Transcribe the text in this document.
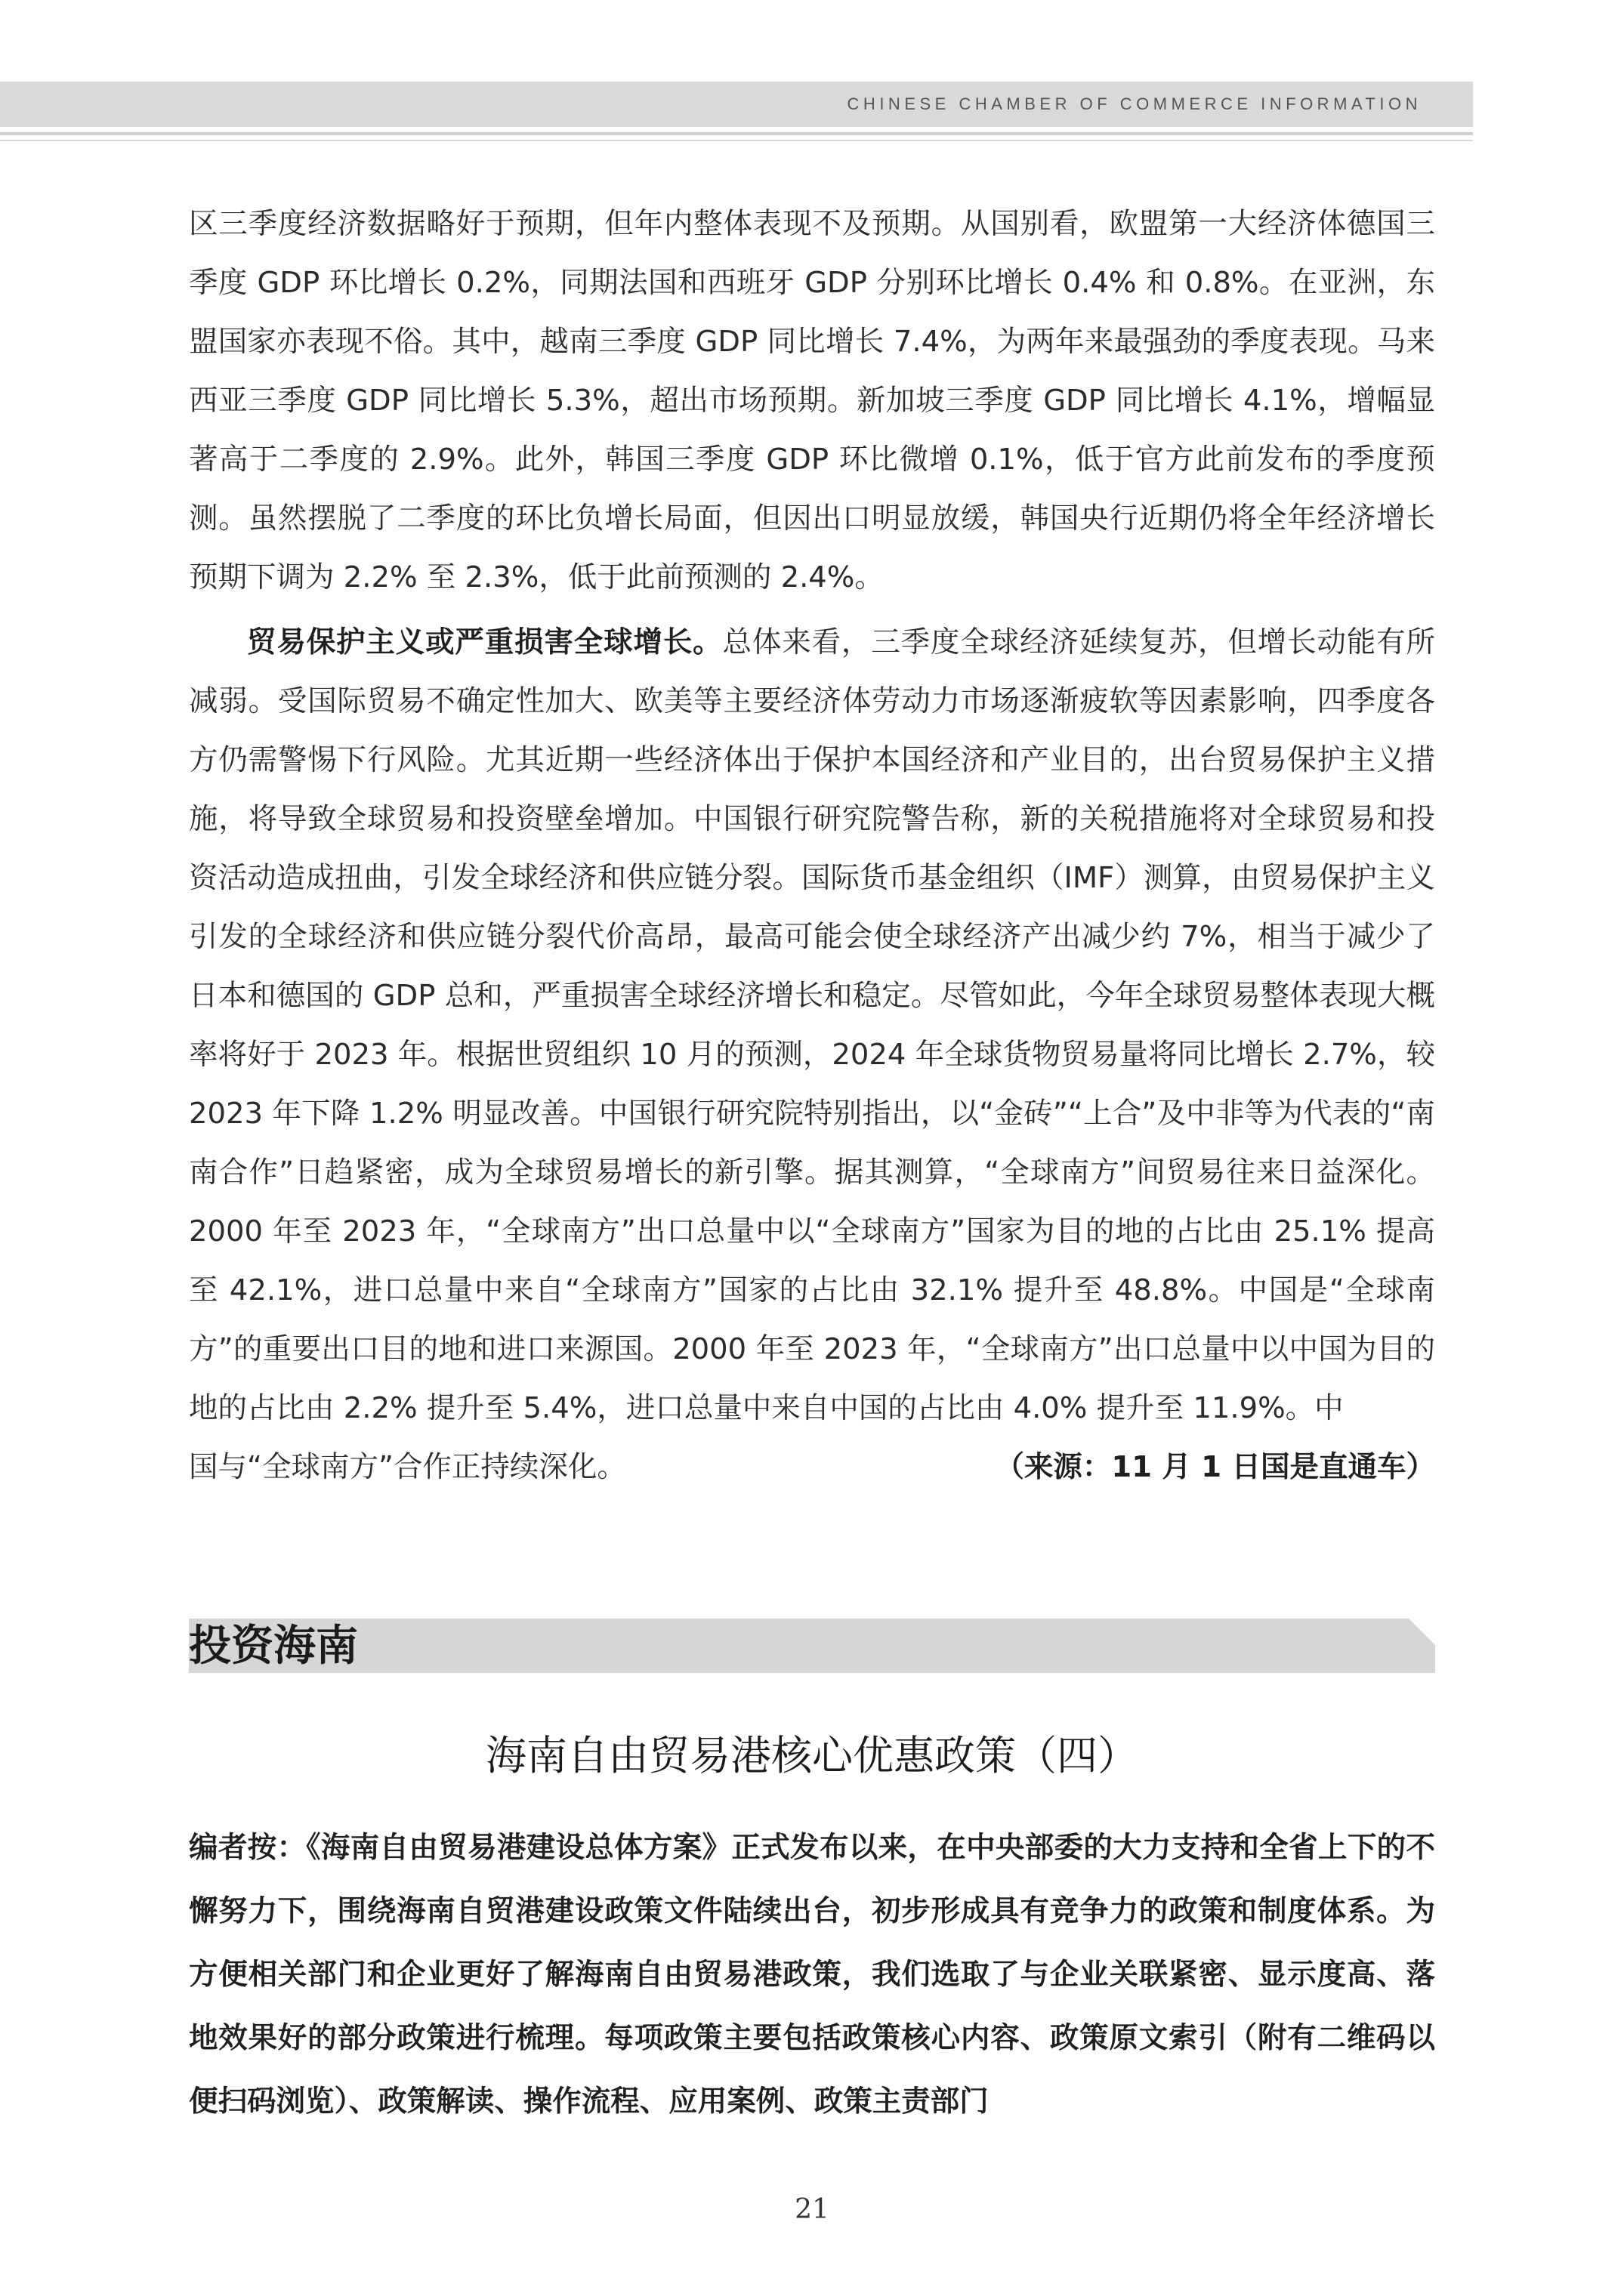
CHINESE CHAMBER OF COMMERCE INFORMATION

区三季度经济数据略好于预期，但年内整体表现不及预期。从国别看，欧盟第一大经济体德国三季度 GDP 环比增长 0.2%，同期法国和西班牙 GDP 分别环比增长 0.4% 和 0.8%。在亚洲，东盟国家亦表现不俗。其中，越南三季度 GDP 同比增长 7.4%，为两年来最强劲的季度表现。马来西亚三季度 GDP 同比增长 5.3%，超出市场预期。新加坡三季度 GDP 同比增长 4.1%，增幅显著高于二季度的 2.9%。此外，韩国三季度 GDP 环比微增 0.1%，低于官方此前发布的季度预测。虽然摆脱了二季度的环比负增长局面，但因出口明显放缓，韩国央行近期仍将全年经济增长预期下调为 2.2% 至 2.3%，低于此前预测的 2.4%。

贸易保护主义或严重损害全球增长。总体来看，三季度全球经济延续复苏，但增长动能有所减弱。受国际贸易不确定性加大、欧美等主要经济体劳动力市场逐渐疲软等因素影响，四季度各方仍需警惕下行风险。尤其近期一些经济体出于保护本国经济和产业目的，出台贸易保护主义措施，将导致全球贸易和投资壁垒增加。中国银行研究院警告称，新的关税措施将对全球贸易和投资活动造成扭曲，引发全球经济和供应链分裂。国际货币基金组织（IMF）测算，由贸易保护主义引发的全球经济和供应链分裂代价高昂，最高可能会使全球经济产出减少约 7%，相当于减少了日本和德国的 GDP 总和，严重损害全球经济增长和稳定。尽管如此，今年全球贸易整体表现大概率将好于 2023 年。根据世贸组织 10 月的预测，2024 年全球货物贸易量将同比增长 2.7%，较 2023 年下降 1.2% 明显改善。中国银行研究院特别指出，以“金砖”“上合”及中非等为代表的“南南合作”日趋紧密，成为全球贸易增长的新引擎。据其测算，“全球南方”间贸易往来日益深化。2000 年至 2023 年，“全球南方”出口总量中以“全球南方”国家为目的地的占比由 25.1% 提高至 42.1%，进口总量中来自“全球南方”国家的占比由 32.1% 提升至 48.8%。中国是“全球南方”的重要出口目的地和进口来源国。2000 年至 2023 年，“全球南方”出口总量中以中国为目的地的占比由 2.2% 提升至 5.4%，进口总量中来自中国的占比由 4.0% 提升至 11.9%。中

国与“全球南方”合作正持续深化。	（来源：11 月 1 日国是直通车）
投资海南
海南自由贸易港核心优惠政策（四）

编者按：《海南自由贸易港建设总体方案》正式发布以来，在中央部委的大力支持和全省上下的不懈努力下，围绕海南自贸港建设政策文件陆续出台，初步形成具有竞争力的政策和制度体系。为方便相关部门和企业更好了解海南自由贸易港政策，我们选取了与企业关联紧密、显示度高、落地效果好的部分政策进行梳理。每项政策主要包括政策核心内容、政策原文索引（附有二维码以便扫码浏览）、政策解读、操作流程、应用案例、政策主责部门

21
